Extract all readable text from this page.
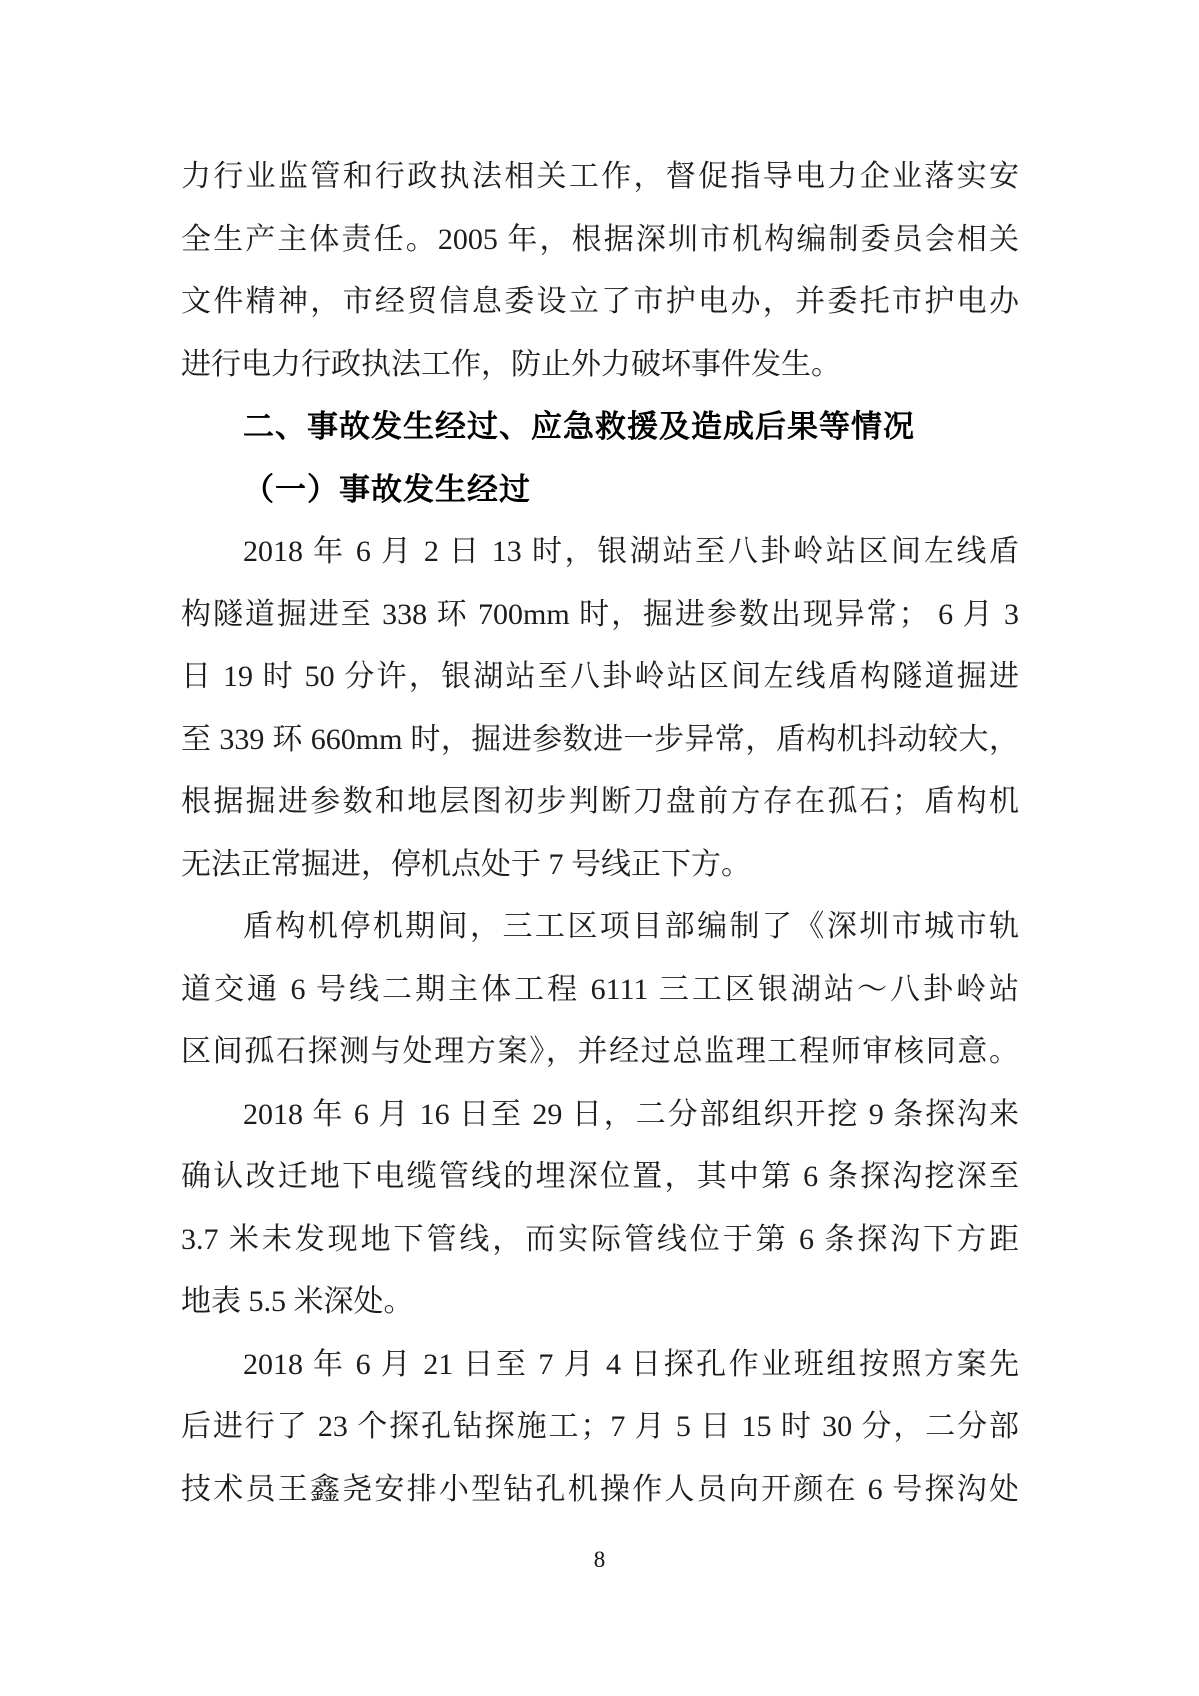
力行业监管和行政执法相关工作，督促指导电力企业落实安
全生产主体责任。2005 年，根据深圳市机构编制委员会相关
文件精神，市经贸信息委设立了市护电办，并委托市护电办
进行电力行政执法工作，防止外力破坏事件发生。
二、事故发生经过、应急救援及造成后果等情况
（一）事故发生经过
2018 年 6 月 2 日 13 时，银湖站至八卦岭站区间左线盾
构隧道掘进至 338 环 700mm 时，掘进参数出现异常； 6 月 3
日 19 时 50 分许，银湖站至八卦岭站区间左线盾构隧道掘进
至 339 环 660mm 时，掘进参数进一步异常，盾构机抖动较大，
根据掘进参数和地层图初步判断刀盘前方存在孤石；盾构机
无法正常掘进，停机点处于 7 号线正下方。
盾构机停机期间，三工区项目部编制了《深圳市城市轨
道交通 6 号线二期主体工程 6111 三工区银湖站～八卦岭站
区间孤石探测与处理方案》，并经过总监理工程师审核同意。
2018 年 6 月 16 日至 29 日，二分部组织开挖 9 条探沟来
确认改迁地下电缆管线的埋深位置，其中第 6 条探沟挖深至
3.7 米未发现地下管线，而实际管线位于第 6 条探沟下方距
地表 5.5 米深处。
2018 年 6 月 21 日至 7 月 4 日探孔作业班组按照方案先
后进行了 23 个探孔钻探施工；7 月 5 日 15 时 30 分，二分部
技术员王鑫尧安排小型钻孔机操作人员向开颜在 6 号探沟处
8
